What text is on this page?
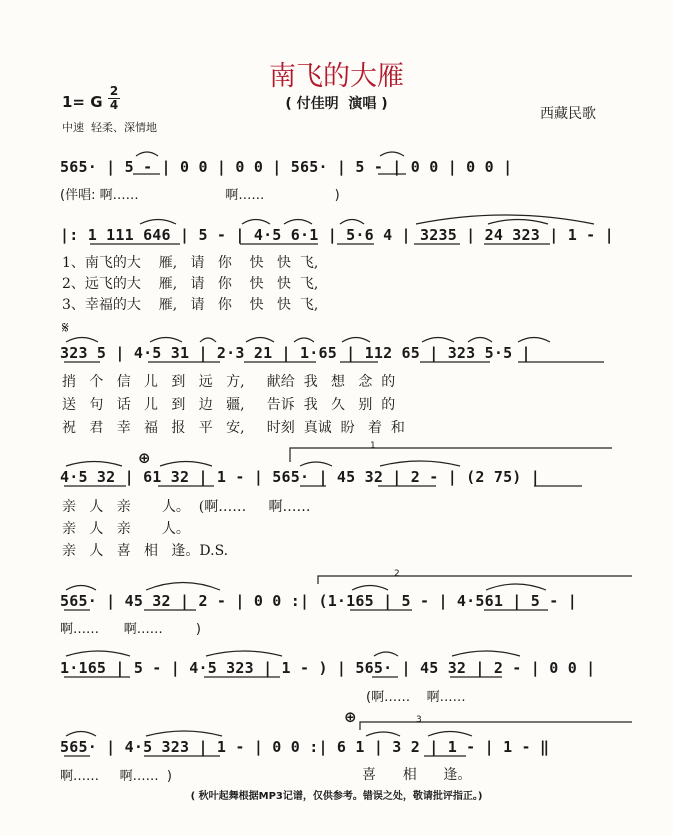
南飞的大雁
( 付佳明  演唱 )
西藏民歌
1= G
2
4
中速  轻柔、深情地
565· | 5 - | 0 0 | 0 0 | 565· | 5 - | 0 0 | 0 0 |
(伴唱: 啊……                     啊……                 )
|: 1 111 646 | 5 - | 4·5 6·1 | 5·6 4 | 3235 | 24 323 | 1 - |
1、南飞的大    雁,   请   你    快   快  飞,
2、远飞的大    雁,   请   你    快   快  飞,
3、幸福的大    雁,   请   你    快   快  飞,
𝄋
323 5 | 4·5 31 | 2·3 21 | 1·65 | 112 65 | 323 5·5 |
捎   个   信   儿   到   远   方,     献给  我   想   念  的
送   句   话   儿   到   边   疆,     告诉  我   久   别  的
祝   君   幸   福   报   平   安,     时刻  真诚  盼   着  和
⊕
1
4·5 32 | 61 32 | 1 - | 565· | 45 32 | 2 - | (2 75) |
亲   人   亲       人。  (啊……     啊……
亲   人   亲       人。
亲   人   喜   相   逢。D.S.
2
565· | 45 32 | 2 - | 0 0 :| (1·165 | 5 - | 4·561 | 5 - |
啊……      啊……        )
1·165 | 5 - | 4·5 323 | 1 - ) | 565· | 45 32 | 2 - | 0 0 |
(啊……    啊……
⊕	3
565· | 4·5 323 | 1 - | 0 0 :| 6 1 | 3 2 | 1 - | 1 - ‖
啊……     啊……  )	喜      相      逢。
( 秋叶起舞根据MP3记谱，仅供参考。错误之处，敬请批评指正。)
